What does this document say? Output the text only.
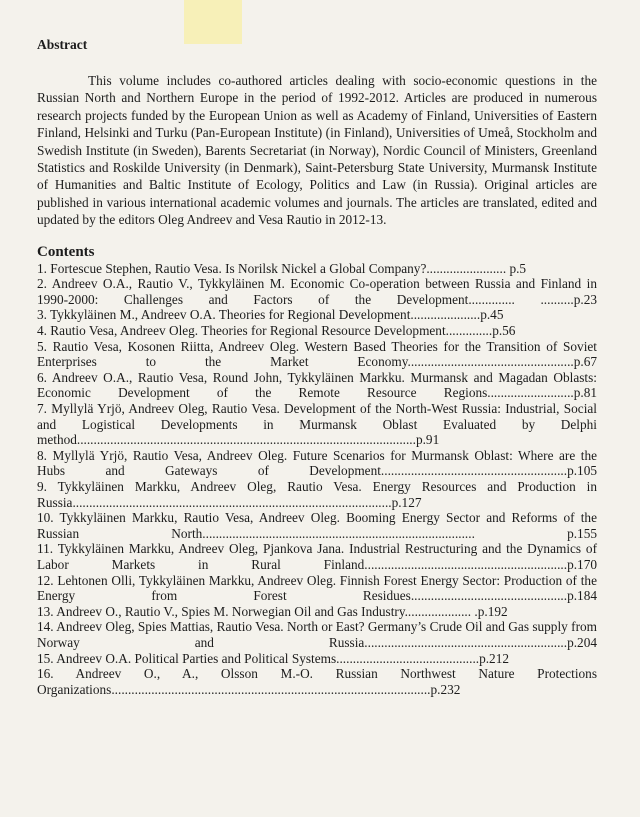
Abstract

This volume includes co-authored articles dealing with socio-economic questions in the Russian North and Northern Europe in the period of 1992-2012. Articles are produced in numerous research projects funded by the European Union as well as Academy of Finland, Universities of Eastern Finland, Helsinki and Turku (Pan-European Institute) (in Finland), Universities of Umeå, Stockholm and Swedish Institute (in Sweden), Barents Secretariat (in Norway), Nordic Council of Ministers, Greenland Statistics and Roskilde University (in Denmark), Saint-Petersburg State University, Murmansk Institute of Humanities and Baltic Institute of Ecology, Politics and Law (in Russia). Original articles are published in various international academic volumes and journals. The articles are translated, edited and updated by the editors Oleg Andreev and Vesa Rautio in 2012-13.

Contents
1. Fortescue Stephen, Rautio Vesa. Is Norilsk Nickel a Global Company?........................ p.5
2. Andreev O.A., Rautio V., Tykkyläinen M. Economic Co-operation between Russia and Finland in 1990-2000: Challenges and Factors of the Development.............. ..........p.23
3. Tykkyläinen M., Andreev O.A. Theories for Regional Development.....................p.45
4. Rautio Vesa, Andreev Oleg. Theories for Regional Resource Development..............p.56
5. Rautio Vesa, Kosonen Riitta, Andreev Oleg. Western Based Theories for the Transition of Soviet Enterprises to the Market Economy..................................................p.67
6. Andreev O.A., Rautio Vesa, Round John, Tykkyläinen Markku. Murmansk and Magadan Oblasts: Economic Development of the Remote Resource Regions..........................p.81
7. Myllylä Yrjö, Andreev Oleg, Rautio Vesa. Development of the North-West Russia: Industrial, Social and Logistical Developments in Murmansk Oblast Evaluated by Delphi method......................................................................................................p.91
8. Myllylä Yrjö, Rautio Vesa, Andreev Oleg. Future Scenarios for Murmansk Oblast: Where are the Hubs and Gateways of Development........................................................p.105
9. Tykkyläinen Markku, Andreev Oleg, Rautio Vesa. Energy Resources and Production in Russia................................................................................................p.127
10. Tykkyläinen Markku, Rautio Vesa, Andreev Oleg. Booming Energy Sector and Reforms of the Russian North.................................................................................. p.155
11. Tykkyläinen Markku, Andreev Oleg, Pjankova Jana. Industrial Restructuring and the Dynamics of Labor Markets in Rural Finland.............................................................p.170
12. Lehtonen Olli, Tykkyläinen Markku, Andreev Oleg. Finnish Forest Energy Sector: Production of the Energy from Forest Residues...............................................p.184
13. Andreev O., Rautio V., Spies M. Norwegian Oil and Gas Industry.................... .p.192
14. Andreev Oleg, Spies Mattias, Rautio Vesa. North or East? Germany’s Crude Oil and Gas supply from Norway and Russia.............................................................p.204
15. Andreev O.A. Political Parties and Political Systems...........................................p.212
16. Andreev O., A., Olsson M.-O. Russian Northwest Nature Protections Organizations................................................................................................p.232
